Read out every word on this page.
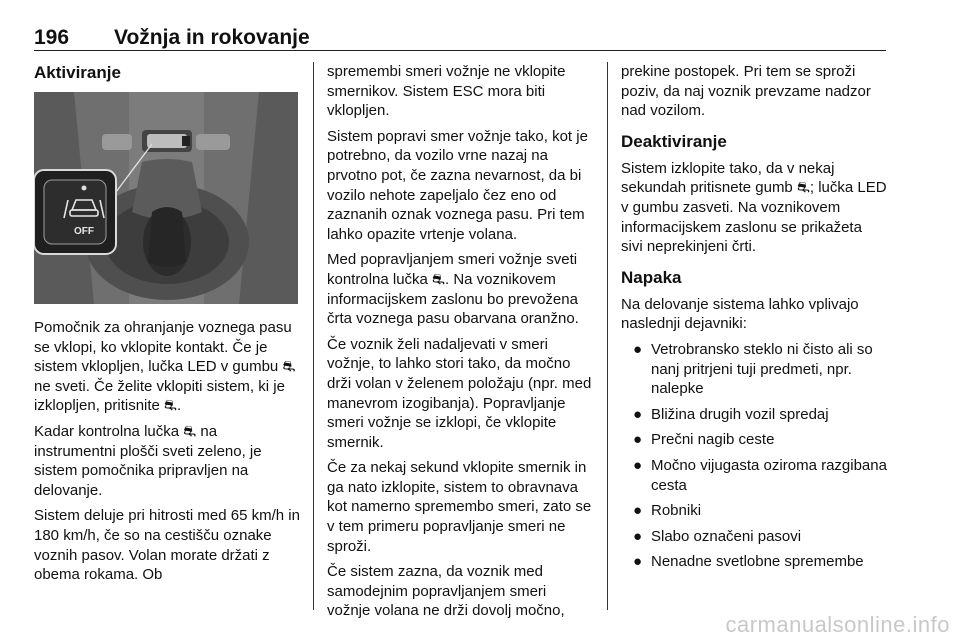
196 Vožnja in rokovanje
Aktiviranje
OFF

Pomočnik za ohranjanje voznega pasu se vklopi, ko vklopite kontakt. Če je sistem vklopljen, lučka LED v gumbu ⛐ ne sveti. Če želite vklopiti sistem, ki je izklopljen, pritisnite ⛐.

Kadar kontrolna lučka ⛐ na instrumentni plošči sveti zeleno, je sistem pomočnika pripravljen na delovanje.

Sistem deluje pri hitrosti med 65 km/h in 180 km/h, če so na cestišču oznake voznih pasov. Volan morate držati z obema rokama. Ob

spremembi smeri vožnje ne vklopite smernikov. Sistem ESC mora biti vklopljen.

Sistem popravi smer vožnje tako, kot je potrebno, da vozilo vrne nazaj na prvotno pot, če zazna nevarnost, da bi vozilo nehote zapeljalo čez eno od zaznanih oznak voznega pasu. Pri tem lahko opazite vrtenje volana.

Med popravljanjem smeri vožnje sveti kontrolna lučka ⛐. Na voznikovem informacijskem zaslonu bo prevožena črta voznega pasu obarvana oranžno.

Če voznik želi nadaljevati v smeri vožnje, to lahko stori tako, da močno drži volan v želenem položaju (npr. med manevrom izogibanja). Popravljanje smeri vožnje se izklopi, če vklopite smernik.

Če za nekaj sekund vklopite smernik in ga nato izklopite, sistem to obravnava kot namerno spremembo smeri, zato se v tem primeru popravljanje smeri ne sproži.

Če sistem zazna, da voznik med samodejnim popravljanjem smeri vožnje volana ne drži dovolj močno,

prekine postopek. Pri tem se sproži poziv, da naj voznik prevzame nadzor nad vozilom.

Deaktiviranje

Sistem izklopite tako, da v nekaj sekundah pritisnete gumb ⛐; lučka LED v gumbu zasveti. Na voznikovem informacijskem zaslonu se prikažeta sivi neprekinjeni črti.

Napaka

Na delovanje sistema lahko vplivajo naslednji dejavniki:

● Vetrobransko steklo ni čisto ali so nanj pritrjeni tuji predmeti, npr. nalepke
● Bližina drugih vozil spredaj
● Prečni nagib ceste
● Močno vijugasta oziroma razgibana cesta
● Robniki
● Slabo označeni pasovi
● Nenadne svetlobne spremembe
carmanualsonline.info
